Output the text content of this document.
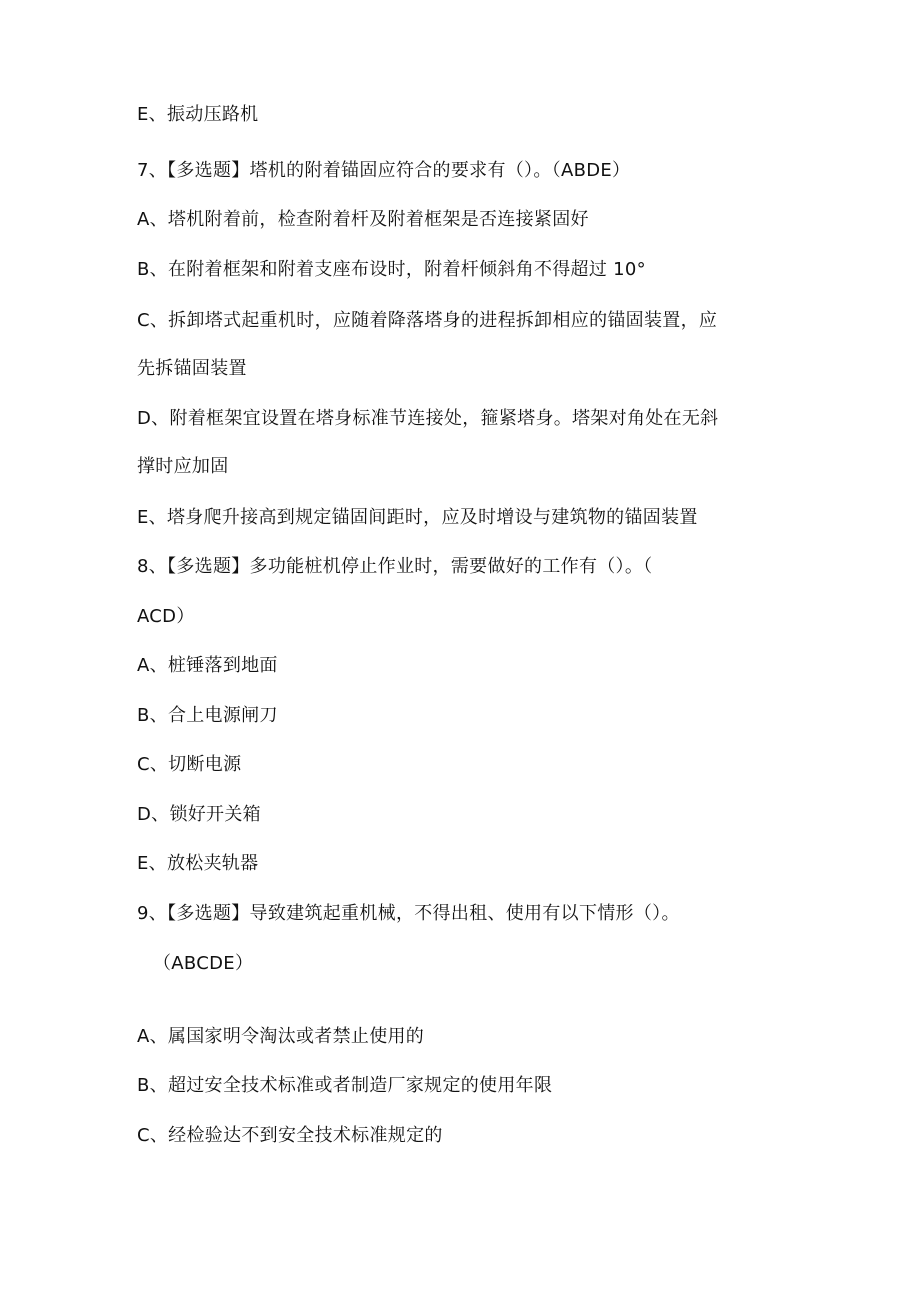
E、振动压路机
7、【多选题】塔机的附着锚固应符合的要求有（）。（ABDE）
A、塔机附着前，检查附着杆及附着框架是否连接紧固好
B、在附着框架和附着支座布设时，附着杆倾斜角不得超过 10°
C、拆卸塔式起重机时，应随着降落塔身的进程拆卸相应的锚固装置，应
先拆锚固装置
D、附着框架宜设置在塔身标准节连接处，箍紧塔身。塔架对角处在无斜
撑时应加固
E、塔身爬升接高到规定锚固间距时，应及时增设与建筑物的锚固装置
8、【多选题】多功能桩机停止作业时，需要做好的工作有（）。（
ACD）
A、桩锤落到地面
B、合上电源闸刀
C、切断电源
D、锁好开关箱
E、放松夹轨器
9、【多选题】导致建筑起重机械，不得出租、使用有以下情形（）。
（ABCDE）
A、属国家明令淘汰或者禁止使用的
B、超过安全技术标准或者制造厂家规定的使用年限
C、经检验达不到安全技术标准规定的
